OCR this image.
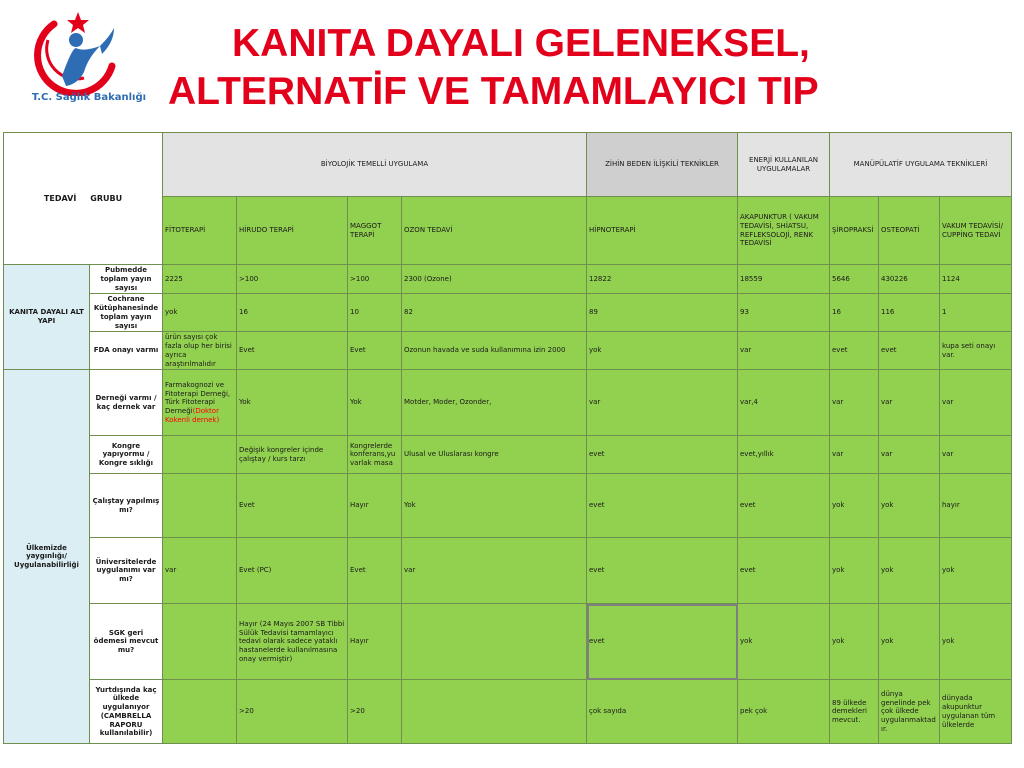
T.C. Sağlık Bakanlığı
KANITA DAYALI GELENEKSEL,
ALTERNATİF VE TAMAMLAYICI TIP
TEDAVİ GRUBU		BİYOLOJİK TEMELLİ UYGULAMA				ZİHİN BEDEN İLİŞKİLİ TEKNİKLER	ENERJİ KULLANILAN UYGULAMALAR	MANÜPÜLATİF UYGULAMA TEKNİKLERİ		
		FİTOTERAPİ	HİRUDO TERAPİ	MAGGOT TERAPİ	OZON TEDAVİ	HİPNOTERAPİ	AKAPUNKTUR ( VAKUM TEDAVİSİ, SHİATSU, REFLEKSOLOJİ, RENK TEDAVİSİ	ŞİROPRAKSİ	OSTEOPATİ	VAKUM TEDAVİSİ/ CUPPİNG TEDAVİ
KANITA DAYALI ALT YAPI	Pubmedde toplam yayın sayısı	2225	>100	>100	2300 (Ozone)	12822	18559	5646	430226	1124
	Cochrane Kütüphanesinde toplam yayın sayısı	yok	16	10	82	89	93	16	116	1
	FDA onayı varmı	ürün sayısı çok fazla olup her birisi ayrıca araştırılmalıdır	Evet	Evet	Ozonun havada ve suda kullanımına izin 2000	yok	var	evet	evet	kupa seti onayı var.
Ülkemizde yaygınlığı/ Uygulanabilirliği	Derneği varmı / kaç dernek var	Farmakognozi ve Fitoterapi Derneği, Türk Fitoterapi Derneği(Doktor Kokenli dernek)	Yok	Yok	Motder, Moder, Ozonder,	var	var,4	var	var	var
	Kongre yapıyormu / Kongre sıklığı		Değişik kongreler içinde çalıştay / kurs tarzı	Kongrelerde konferans,yuvarlak masa	Ulusal ve Uluslarası kongre	evet	evet,yıllık	var	var	var
	Çalıştay yapılmış mı?		Evet	Hayır	Yok	evet	evet	yok	yok	hayır
	Üniversitelerde uygulanımı var mı?	var	Evet (PC)	Evet	var	evet	evet	yok	yok	yok
	SGK geri ödemesi mevcut mu?		Hayır (24 Mayıs 2007 SB Tibbi Sülük Tedavisi tamamlayıcı tedavi olarak sadece yataklı hastanelerde kullanılmasına onay vermiştir)	Hayır		evet	yok	yok	yok	yok
	Yurtdışında kaç ülkede uygulanıyor (CAMBRELLA RAPORU kullanılabilir)		>20	>20		çok sayıda	pek çok	89 ülkede demekleri mevcut.	dünya genelinde pek çok ülkede uygulanmaktadır.	dünyada akupunktur uygulanan tüm ülkelerde
